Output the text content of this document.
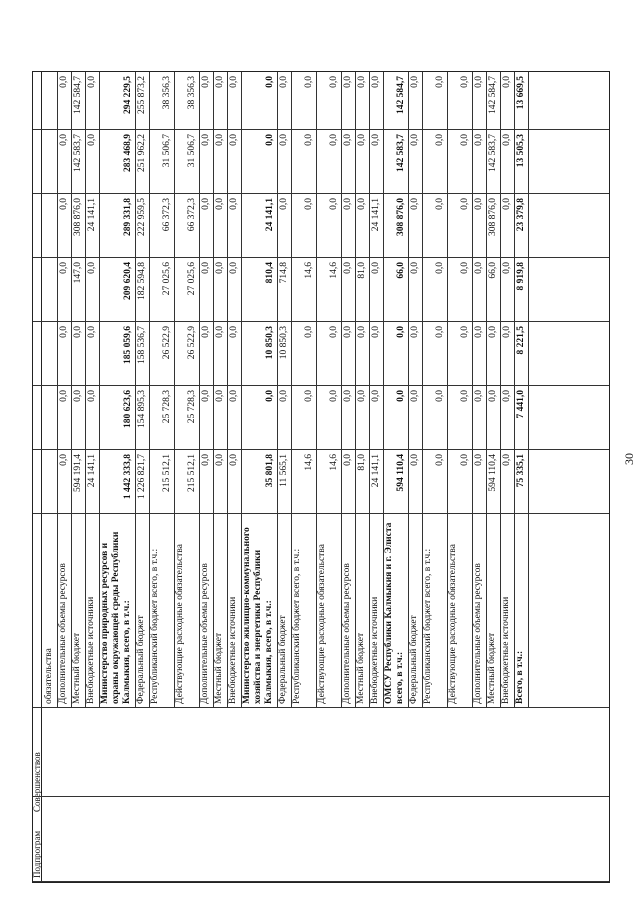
Подпрограм
Совершенствов
обязательства Дополнительные объемы ресурсов
0,0
0,0
0,0
0,0
0,0
0,0
0,0
Местный бюджет
594 191,4
0,0
0,0
147,0
308 876,0
142 583,7
142 584,7
Внебюджетные источники
24 141,1
0,0
0,0
0,0
24 141,1
0,0
0,0
Министерство природных ресурсов и охраны окружающей среды Республики Калмыкия, всего, в т.ч.:
1 442 333,8
180 623,6
185 059,6
209 620,4
289 331,8
283 468,9
294 229,5
Федеральный бюджет
1 226 821,7
154 895,3
158 536,7
182 594,8
222 959,5
251 962,2
255 873,2
Республиканский бюджет всего, в т.ч.:
215 512,1
25 728,3
26 522,9
27 025,6
66 372,3
31 506,7
38 356,3
Действующие расходные обязательства
215 512,1
25 728,3
26 522,9
27 025,6
66 372,3
31 506,7
38 356,3
Дополнительные объемы ресурсов
0,0
0,0
0,0
0,0
0,0
0,0
0,0
Местный бюджет
0,0
0,0
0,0
0,0
0,0
0,0
0,0
Внебюджетные источники
0,0
0,0
0,0
0,0
0,0
0,0
0,0
Министерство жилищно-коммунального хозяйства и энергетики Республики Калмыкия, всего, в т.ч.:
35 801,8
0,0
10 850,3
810,4
24 141,1
0,0
0,0
Федеральный бюджет
11 565,1
0,0
10 850,3
714,8
0,0
0,0
0,0
Республиканский бюджет всего, в т.ч.:
14,6
0,0
0,0
14,6
0,0
0,0
0,0
Действующие расходные обязательства
14,6
0,0
0,0
14,6
0,0
0,0
0,0
Дополнительные объемы ресурсов
0,0
0,0
0,0
0,0
0,0
0,0
0,0
Местный бюджет
81,0
0,0
0,0
81,0
0,0
0,0
0,0
Внебюджетные источники
24 141,1
0,0
0,0
0,0
24 141,1
0,0
0,0
ОМСУ Республики Калмыкия и г. Элиста всего, в т.ч.:
594 110,4
0,0
0,0
66,0
308 876,0
142 583,7
142 584,7
Федеральный бюджет
0,0
0,0
0,0
0,0
0,0
0,0
0,0
Республиканский бюджет всего, в т.ч.:
0,0
0,0
0,0
0,0
0,0
0,0
0,0
Действующие расходные обязательства
0,0
0,0
0,0
0,0
0,0
0,0
0,0
Дополнительные объемы ресурсов
0,0
0,0
0,0
0,0
0,0
0,0
0,0
Местный бюджет
594 110,4
0,0
0,0
66,0
308 876,0
142 583,7
142 584,7
Внебюджетные источники
0,0
0,0
0,0
0,0
0,0
0,0
0,0
Всего, в т.ч.:
75 335,1
7 441,0
8 221,5
8 919,8
23 379,8
13 505,3
13 669,5
30
